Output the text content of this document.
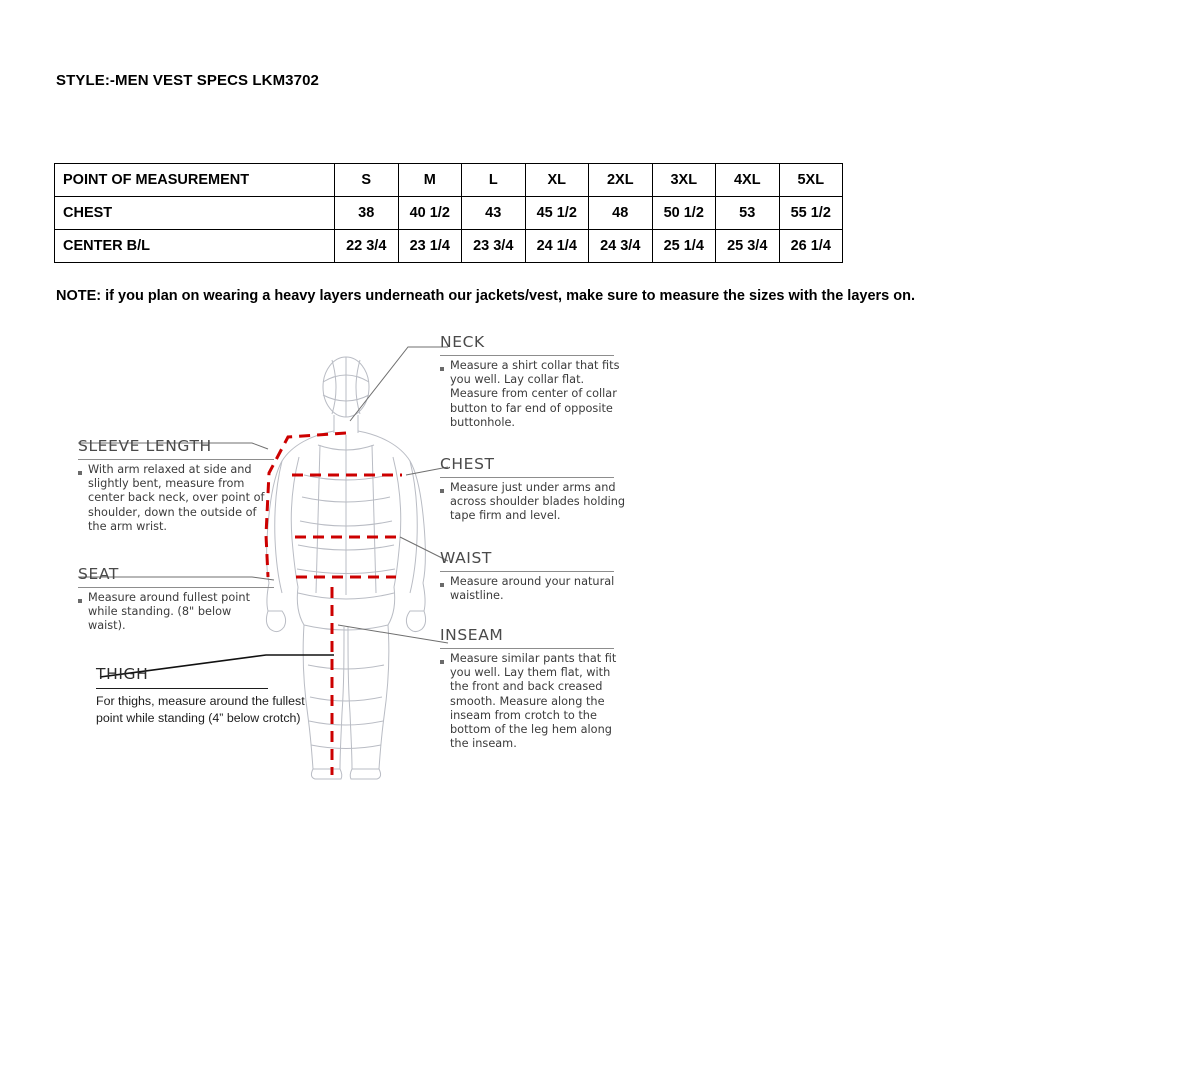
STYLE:-MEN VEST SPECS LKM3702
POINT OF MEASUREMENT	S	M	L	XL	2XL	3XL	4XL	5XL
CHEST	38	40 1/2	43	45 1/2	48	50 1/2	53	55 1/2
CENTER B/L	22 3/4	23 1/4	23 3/4	24 1/4	24 3/4	25 1/4	25 3/4	26 1/4
NOTE: if you plan on wearing a heavy layers underneath our jackets/vest, make sure to measure the sizes with the layers on.
NECK
Measure a shirt collar that fits you well. Lay collar flat. Measure from center of collar button to far end of opposite buttonhole.
CHEST
Measure just under arms and across shoulder blades holding tape firm and level.
WAIST
Measure around your natural waistline.
INSEAM
Measure similar pants that fit you well. Lay them flat, with the front and back creased smooth. Measure along the inseam from crotch to the bottom of the leg hem along the inseam.
SLEEVE LENGTH
With arm relaxed at side and slightly bent, measure from center back neck, over point of shoulder, down the outside of the arm wrist.
SEAT
Measure around fullest point while standing. (8" below waist).
THIGH
For thighs, measure around the fullest point while standing (4” below crotch)
